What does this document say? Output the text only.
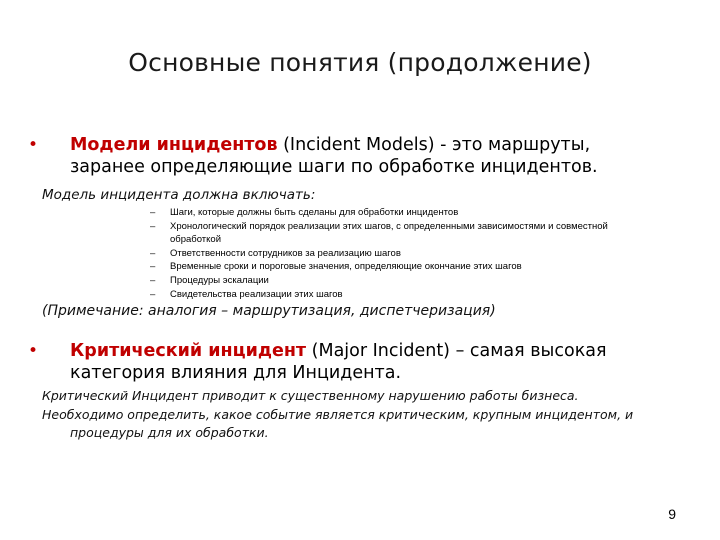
Основные понятия (продолжение)
• Модели инцидентов (Incident Models) - это маршруты,
заранее определяющие шаги по обработке инцидентов.
Модель инцидента должна включать:
– Шаги, которые должны быть сделаны для обработки инцидентов
– Хронологический порядок реализации этих шагов, с определенными зависимостями и совместной обработкой
– Ответственности сотрудников за реализацию шагов
– Временные сроки и пороговые значения, определяющие окончание этих шагов
– Процедуры эскалации
– Свидетельства реализации этих шагов
(Примечание: аналогия – маршрутизация, диспетчеризация)
• Критический инцидент (Major Incident) – самая высокая
категория влияния для Инцидента.
Критический Инцидент приводит к существенному нарушению работы бизнеса.
Необходимо определить, какое событие является критическим, крупным инцидентом, и
процедуры для их обработки.
9
